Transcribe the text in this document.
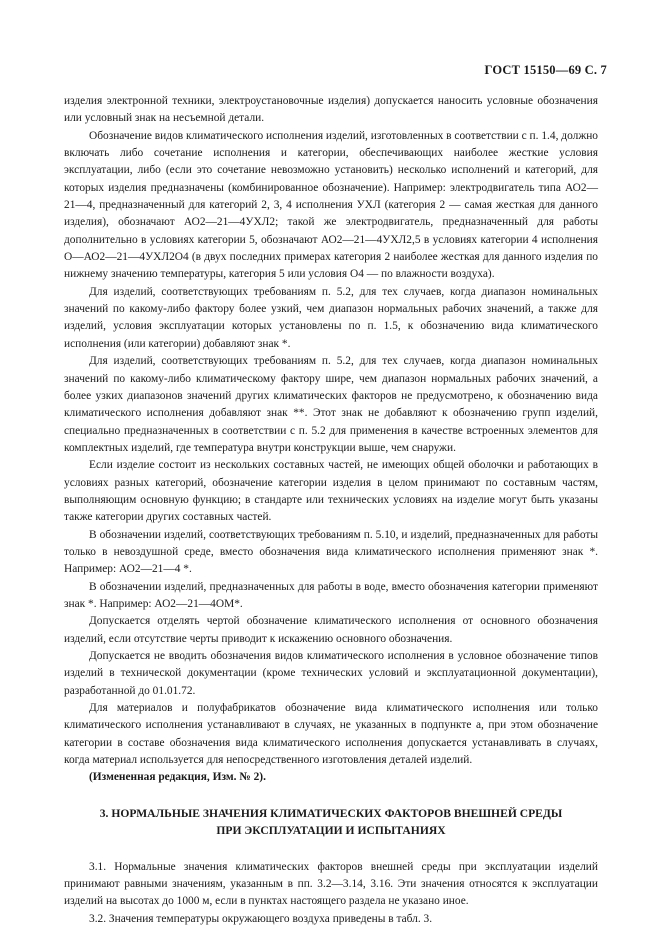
ГОСТ 15150—69 С. 7

изделия электронной техники, электроустановочные изделия) допускается наносить условные обозначения или условный знак на несъемной детали.

Обозначение видов климатического исполнения изделий, изготовленных в соответствии с п. 1.4, должно включать либо сочетание исполнения и категории, обеспечивающих наиболее жесткие условия эксплуатации, либо (если это сочетание невозможно установить) несколько исполнений и категорий, для которых изделия предназначены (комбинированное обозначение). Например: электродвигатель типа АО2—21—4, предназначенный для категорий 2, 3, 4 исполнения УХЛ (категория 2 — самая жесткая для данного изделия), обозначают АО2—21—4УХЛ2; такой же электродвигатель, предназначенный для работы дополнительно в условиях категории 5, обозначают АО2—21—4УХЛ2,5 в условиях категории 4 исполнения О—АО2—21—4УХЛ2О4 (в двух последних примерах категория 2 наиболее жесткая для данного изделия по нижнему значению температуры, категория 5 или условия О4 — по влажности воздуха).

Для изделий, соответствующих требованиям п. 5.2, для тех случаев, когда диапазон номинальных значений по какому-либо фактору более узкий, чем диапазон нормальных рабочих значений, а также для изделий, условия эксплуатации которых установлены по п. 1.5, к обозначению вида климатического исполнения (или категории) добавляют знак *.

Для изделий, соответствующих требованиям п. 5.2, для тех случаев, когда диапазон номинальных значений по какому-либо климатическому фактору шире, чем диапазон нормальных рабочих значений, а более узких диапазонов значений других климатических факторов не предусмотрено, к обозначению вида климатического исполнения добавляют знак **. Этот знак не добавляют к обозначению групп изделий, специально предназначенных в соответствии с п. 5.2 для применения в качестве встроенных элементов для комплектных изделий, где температура внутри конструкции выше, чем снаружи.

Если изделие состоит из нескольких составных частей, не имеющих общей оболочки и работающих в условиях разных категорий, обозначение категории изделия в целом принимают по составным частям, выполняющим основную функцию; в стандарте или технических условиях на изделие могут быть указаны также категории других составных частей.

В обозначении изделий, соответствующих требованиям п. 5.10, и изделий, предназначенных для работы только в невоздушной среде, вместо обозначения вида климатического исполнения применяют знак *. Например: АО2—21—4 *.

В обозначении изделий, предназначенных для работы в воде, вместо обозначения категории применяют знак *. Например: АО2—21—4ОМ*.

Допускается отделять чертой обозначение климатического исполнения от основного обозначения изделий, если отсутствие черты приводит к искажению основного обозначения.

Допускается не вводить обозначения видов климатического исполнения в условное обозначение типов изделий в технической документации (кроме технических условий и эксплуатационной документации), разработанной до 01.01.72.

Для материалов и полуфабрикатов обозначение вида климатического исполнения или только климатического исполнения устанавливают в случаях, не указанных в подпункте а, при этом обозначение категории в составе обозначения вида климатического исполнения допускается устанавливать в случаях, когда материал используется для непосредственного изготовления деталей изделий.

(Измененная редакция, Изм. № 2).

3. НОРМАЛЬНЫЕ ЗНАЧЕНИЯ КЛИМАТИЧЕСКИХ ФАКТОРОВ ВНЕШНЕЙ СРЕДЫ
ПРИ ЭКСПЛУАТАЦИИ И ИСПЫТАНИЯХ

3.1. Нормальные значения климатических факторов внешней среды при эксплуатации изделий принимают равными значениям, указанным в пп. 3.2—3.14, 3.16. Эти значения относятся к эксплуатации изделий на высотах до 1000 м, если в пунктах настоящего раздела не указано иное.

3.2. Значения температуры окружающего воздуха приведены в табл. 3.
